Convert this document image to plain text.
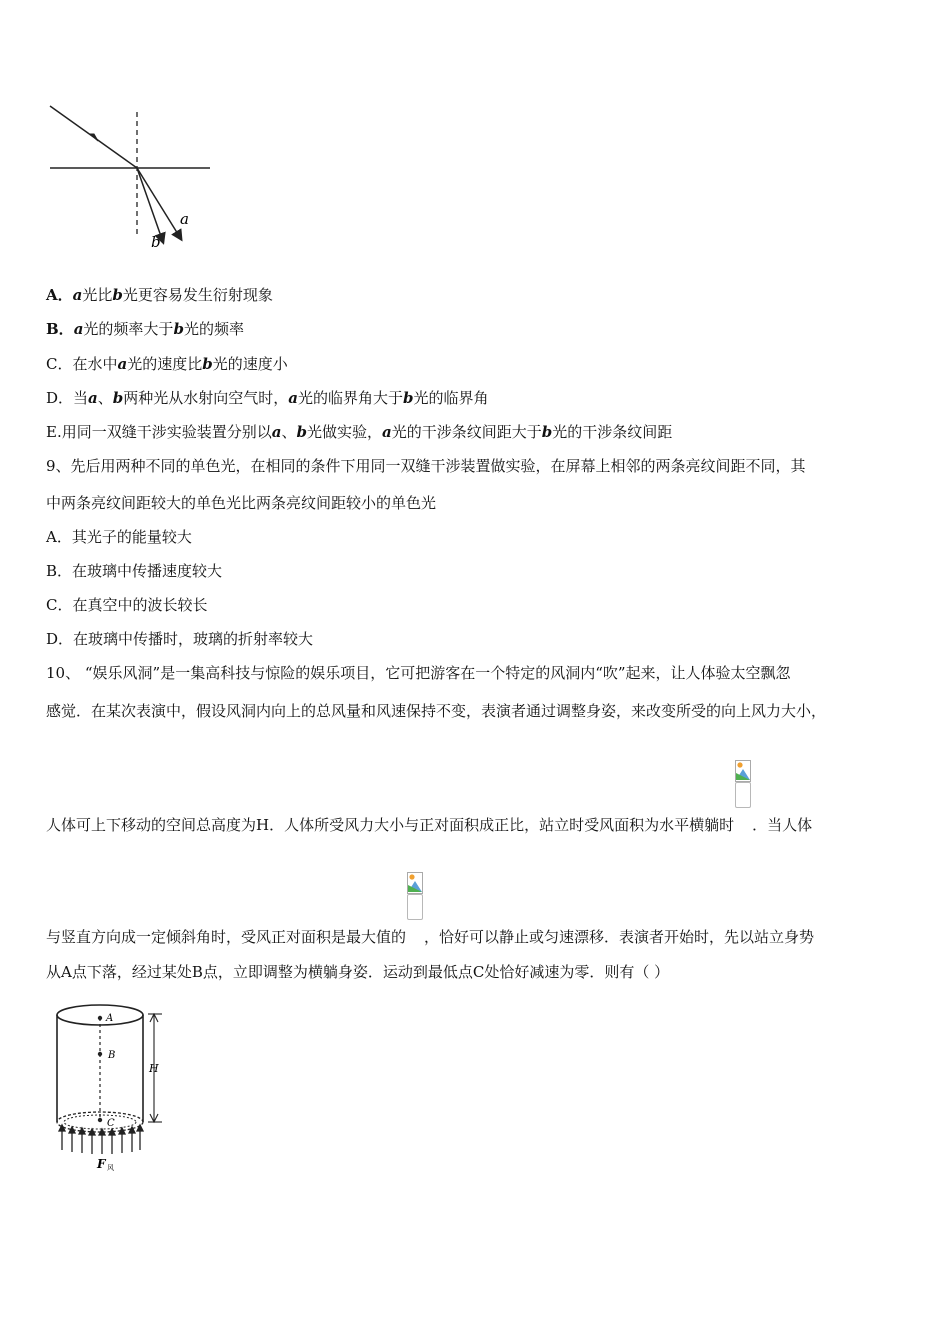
a
b
A．a光比b光更容易发生衍射现象
B．a光的频率大于b光的频率
C．在水中a光的速度比b光的速度小
D．当a、b两种光从水射向空气时，a光的临界角大于b光的临界角
E.用同一双缝干涉实验装置分别以a、b光做实验，a光的干涉条纹间距大于b光的干涉条纹间距
9、先后用两种不同的单色光，在相同的条件下用同一双缝干涉装置做实验，在屏幕上相邻的两条亮纹间距不同，其
中两条亮纹间距较大的单色光比两条亮纹间距较小的单色光
A．其光子的能量较大
B．在玻璃中传播速度较大
C．在真空中的波长较长
D．在玻璃中传播时，玻璃的折射率较大
10、 “娱乐风洞”是一集高科技与惊险的娱乐项目，它可把游客在一个特定的风洞内“吹”起来，让人体验太空飘忽
感觉．在某次表演中，假设风洞内向上的总风量和风速保持不变，表演者通过调整身姿，来改变所受的向上风力大小，
人体可上下移动的空间总高度为H．人体所受风力大小与正对面积成正比，站立时受风面积为水平横躺时 ．当人体
与竖直方向成一定倾斜角时，受风正对面积是最大值的 ，恰好可以静止或匀速漂移．表演者开始时，先以站立身势
从A点下落，经过某处B点，立即调整为横躺身姿．运动到最低点C处恰好减速为零．则有（ ）
A
B
C
H
F 风
